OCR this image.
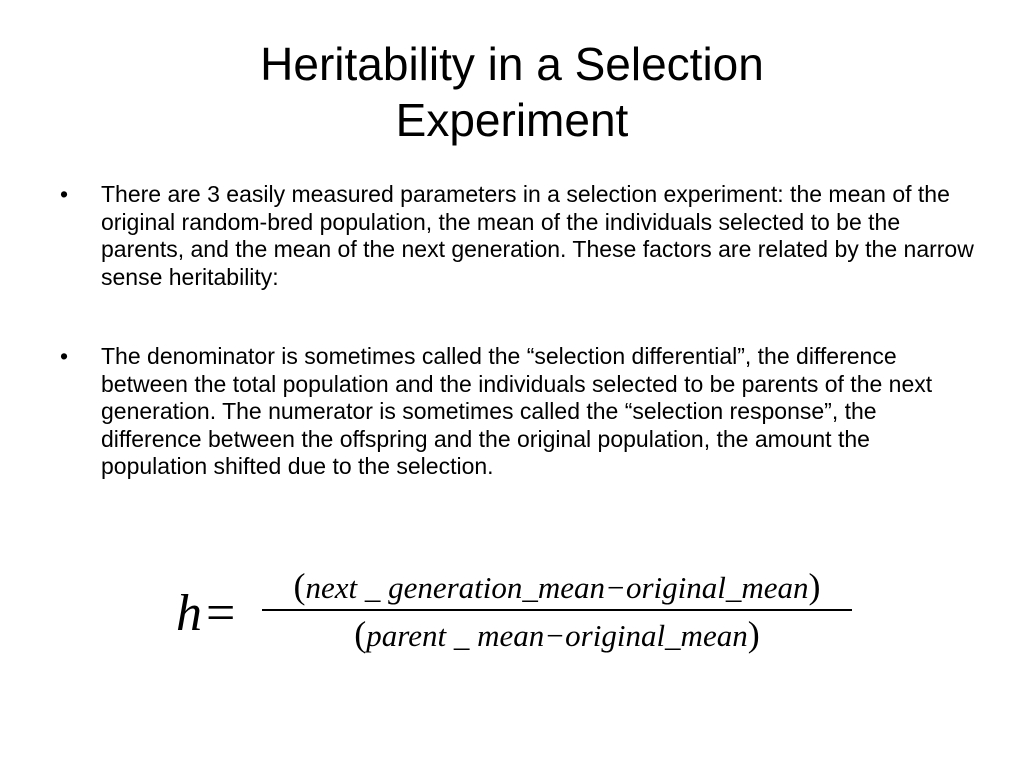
Heritability in a Selection
Experiment
•	There are 3 easily measured parameters in a selection experiment: the mean of the original random-bred population, the mean of the individuals selected to be the parents, and the mean of the next generation. These factors are related by the narrow sense heritability:
•	The denominator is sometimes called the “selection differential”, the difference between the total population and the individuals selected to be parents of the next generation. The numerator is sometimes called the “selection response”, the difference between the offspring and the original population, the amount the population shifted due to the selection.
h=	(next _ generation_mean−original_mean)
(parent _ mean−original_mean)
